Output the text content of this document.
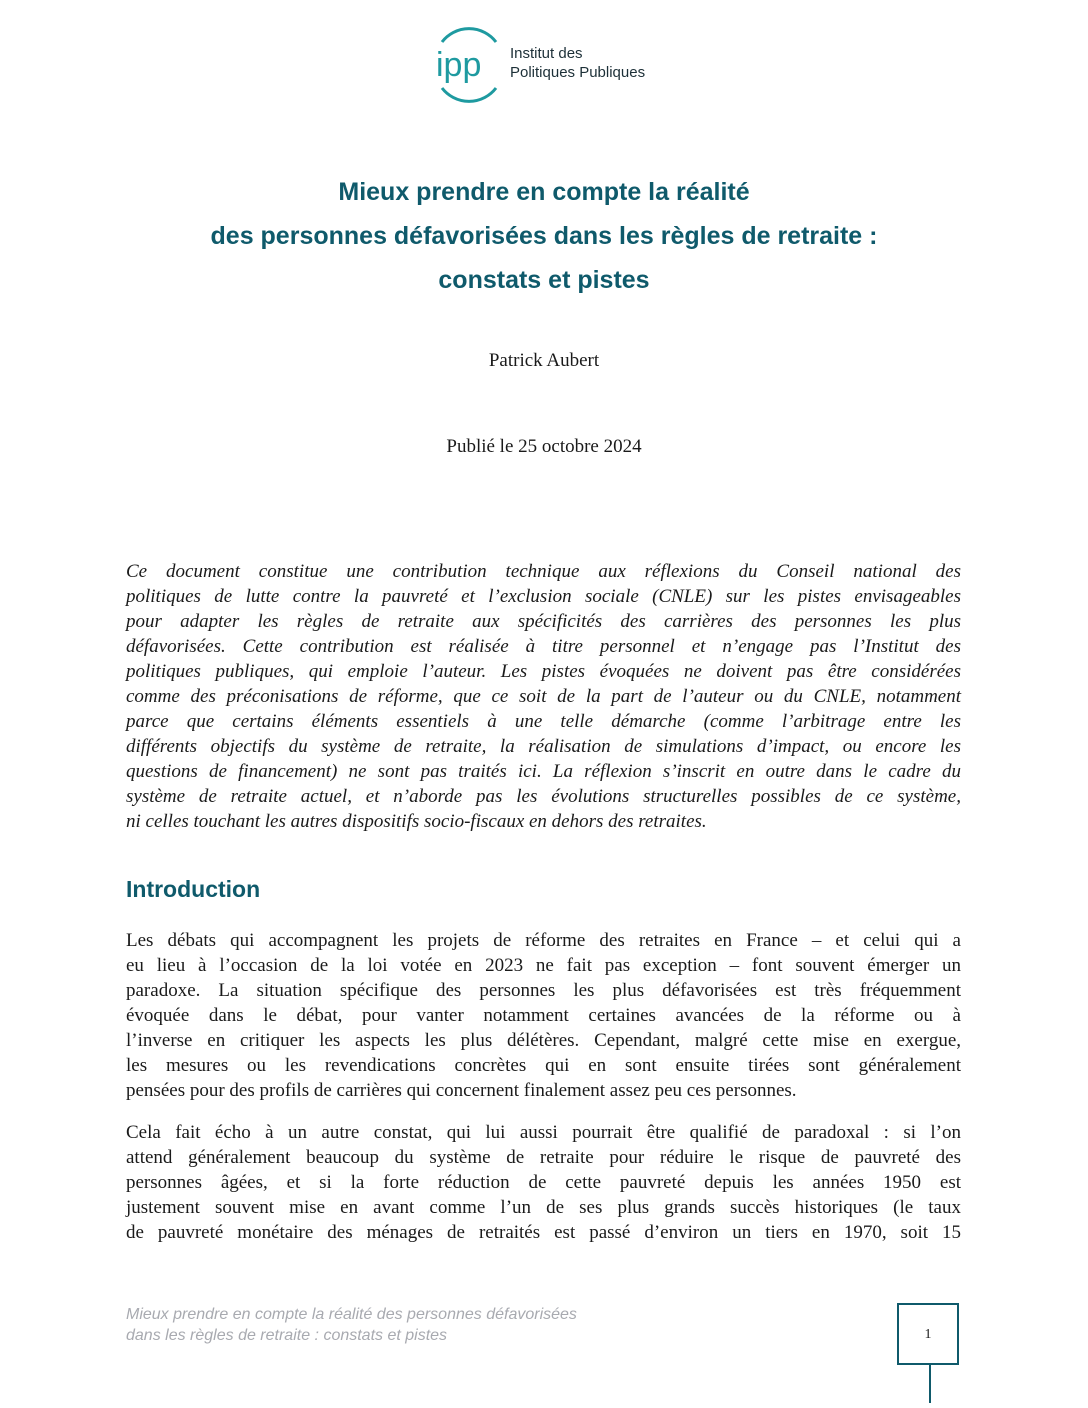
ipp Institut des
Politiques Publiques
Mieux prendre en compte la réalité
des personnes défavorisées dans les règles de retraite :
constats et pistes
Patrick Aubert
Publié le 25 octobre 2024
Ce document constitue une contribution technique aux réflexions du Conseil national des
politiques de lutte contre la pauvreté et l’exclusion sociale (CNLE) sur les pistes envisageables
pour adapter les règles de retraite aux spécificités des carrières des personnes les plus
défavorisées. Cette contribution est réalisée à titre personnel et n’engage pas l’Institut des
politiques publiques, qui emploie l’auteur. Les pistes évoquées ne doivent pas être considérées
comme des préconisations de réforme, que ce soit de la part de l’auteur ou du CNLE, notamment
parce que certains éléments essentiels à une telle démarche (comme l’arbitrage entre les
différents objectifs du système de retraite, la réalisation de simulations d’impact, ou encore les
questions de financement) ne sont pas traités ici. La réflexion s’inscrit en outre dans le cadre du
système de retraite actuel, et n’aborde pas les évolutions structurelles possibles de ce système,
ni celles touchant les autres dispositifs socio-fiscaux en dehors des retraites.
Introduction
Les débats qui accompagnent les projets de réforme des retraites en France – et celui qui a
eu lieu à l’occasion de la loi votée en 2023 ne fait pas exception – font souvent émerger un
paradoxe. La situation spécifique des personnes les plus défavorisées est très fréquemment
évoquée dans le débat, pour vanter notamment certaines avancées de la réforme ou à
l’inverse en critiquer les aspects les plus délétères. Cependant, malgré cette mise en exergue,
les mesures ou les revendications concrètes qui en sont ensuite tirées sont généralement
pensées pour des profils de carrières qui concernent finalement assez peu ces personnes.
Cela fait écho à un autre constat, qui lui aussi pourrait être qualifié de paradoxal : si l’on
attend généralement beaucoup du système de retraite pour réduire le risque de pauvreté des
personnes âgées, et si la forte réduction de cette pauvreté depuis les années 1950 est
justement souvent mise en avant comme l’un de ses plus grands succès historiques (le taux
de pauvreté monétaire des ménages de retraités est passé d’environ un tiers en 1970, soit 15
Mieux prendre en compte la réalité des personnes défavorisées
dans les règles de retraite : constats et pistes	1
